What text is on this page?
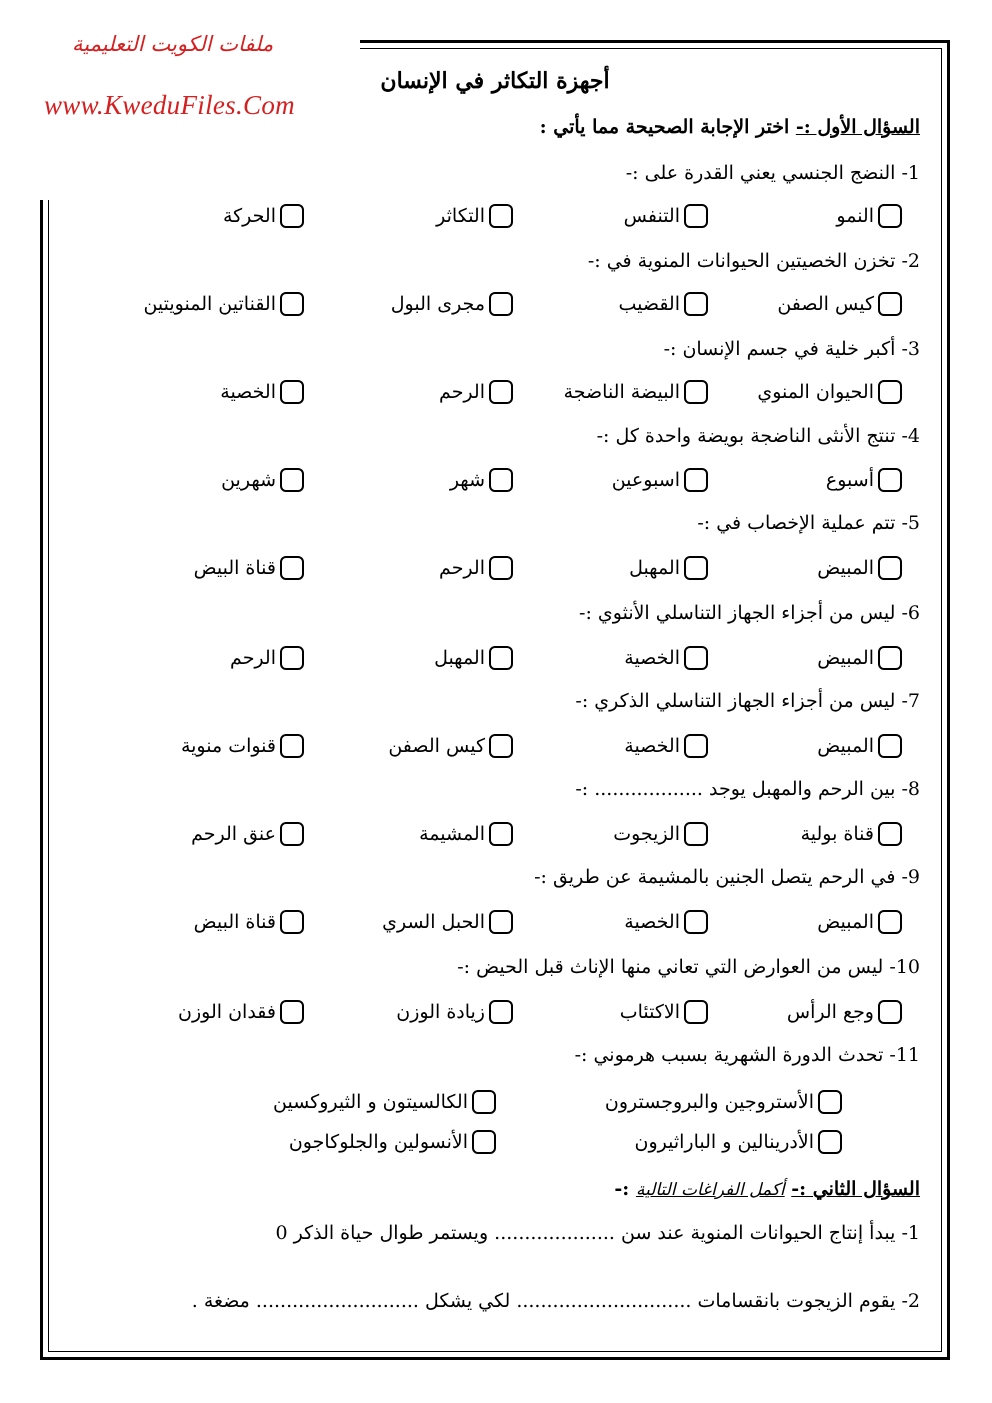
ملفات الكويت التعليمية
www.KweduFiles.Com
أجهزة التكاثر في الإنسان
السؤال الأول :- اختر الإجابة الصحيحة مما يأتي :
1- النضج الجنسي يعني القدرة على :-
النمو
التنفس
التكاثر
الحركة
2- تخزن الخصيتين الحيوانات المنوية في :-
كيس الصفن
القضيب
مجرى البول
القناتين المنويتين
3- أكبر خلية في جسم الإنسان :-
الحيوان المنوي
البيضة الناضجة
الرحم
الخصية
4- تنتج الأنثى الناضجة بويضة واحدة كل :-
أسبوع
اسبوعين
شهر
شهرين
5- تتم عملية الإخصاب في :-
المبيض
المهبل
الرحم
قناة البيض
6- ليس من أجزاء الجهاز التناسلي الأنثوي :-
المبيض
الخصية
المهبل
الرحم
7- ليس من أجزاء الجهاز التناسلي الذكري :-
المبيض
الخصية
كيس الصفن
قنوات منوية
8- بين الرحم والمهبل يوجد .................. :-
قناة بولية
الزيجوت
المشيمة
عنق الرحم
9- في الرحم يتصل الجنين بالمشيمة عن طريق :-
المبيض
الخصية
الحبل السري
قناة البيض
10- ليس من العوارض التي تعاني منها الإناث قبل الحيض :-
وجع الرأس
الاكتئاب
زيادة الوزن
فقدان الوزن
11- تحدث الدورة الشهرية بسبب هرموني :-
الأستروجين والبروجسترون
الكالسيتون و الثيروكسين
الأدرينالين و الباراثيرون
الأنسولين والجلوكاجون
السؤال الثاني :- أكمل الفراغات التالية :-
1- يبدأ إنتاج الحيوانات المنوية عند سن .................... ويستمر طوال حياة الذكر 0
2- يقوم الزيجوت بانقسامات ............................. لكي يشكل ........................... مضغة .
